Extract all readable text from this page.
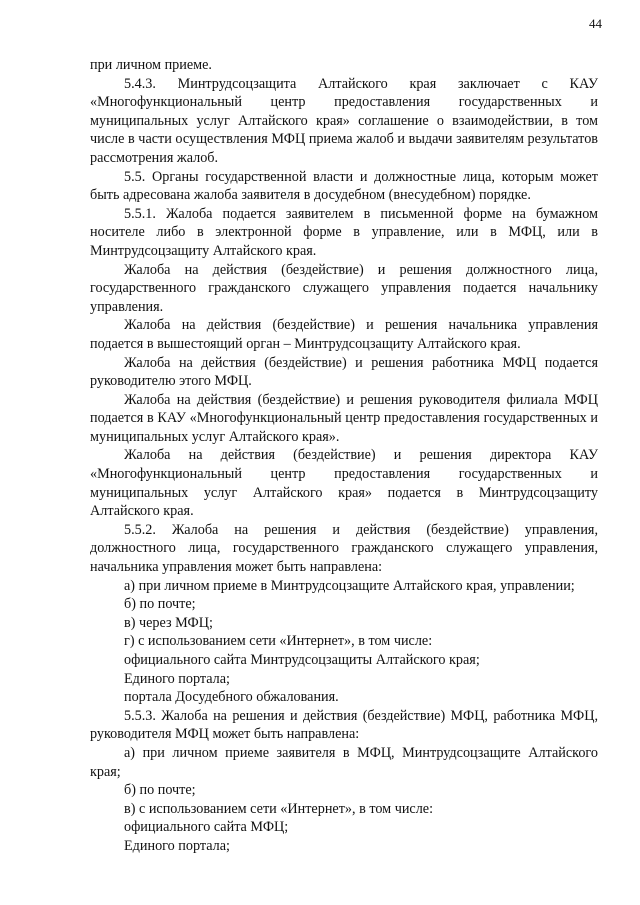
44

при личном приеме.

5.4.3. Минтрудсоцзащита Алтайского края заключает с КАУ «Многофункциональный центр предоставления государственных и муниципальных услуг Алтайского края» соглашение о взаимодействии, в том числе в части осуществления МФЦ приема жалоб и выдачи заявителям результатов рассмотрения жалоб.

5.5. Органы государственной власти и должностные лица, которым может быть адресована жалоба заявителя в досудебном (внесудебном) порядке.

5.5.1. Жалоба подается заявителем в письменной форме на бумажном носителе либо в электронной форме в управление, или в МФЦ, или в Минтрудсоцзащиту Алтайского края.

Жалоба на действия (бездействие) и решения должностного лица, государственного гражданского служащего управления подается начальнику управления.

Жалоба на действия (бездействие) и решения начальника управления подается в вышестоящий орган – Минтрудсоцзащиту Алтайского края.

Жалоба на действия (бездействие) и решения работника МФЦ подается руководителю этого МФЦ.

Жалоба на действия (бездействие) и решения руководителя филиала МФЦ подается в КАУ «Многофункциональный центр предоставления государственных и муниципальных услуг Алтайского края».

Жалоба на действия (бездействие) и решения директора КАУ «Многофункциональный центр предоставления государственных и муниципальных услуг Алтайского края» подается в Минтрудсоцзащиту Алтайского края.

5.5.2. Жалоба на решения и действия (бездействие) управления, должностного лица, государственного гражданского служащего управления, начальника управления может быть направлена:

а) при личном приеме в Минтрудсоцзащите Алтайского края, управлении;

б) по почте;

в) через МФЦ;

г) с использованием сети «Интернет», в том числе:

официального сайта Минтрудсоцзащиты Алтайского края;

Единого портала;

портала Досудебного обжалования.

5.5.3. Жалоба на решения и действия (бездействие) МФЦ, работника МФЦ, руководителя МФЦ может быть направлена:

а) при личном приеме заявителя в МФЦ, Минтрудсоцзащите Алтайского края;

б) по почте;

в) с использованием сети «Интернет», в том числе:

официального сайта МФЦ;

Единого портала;
